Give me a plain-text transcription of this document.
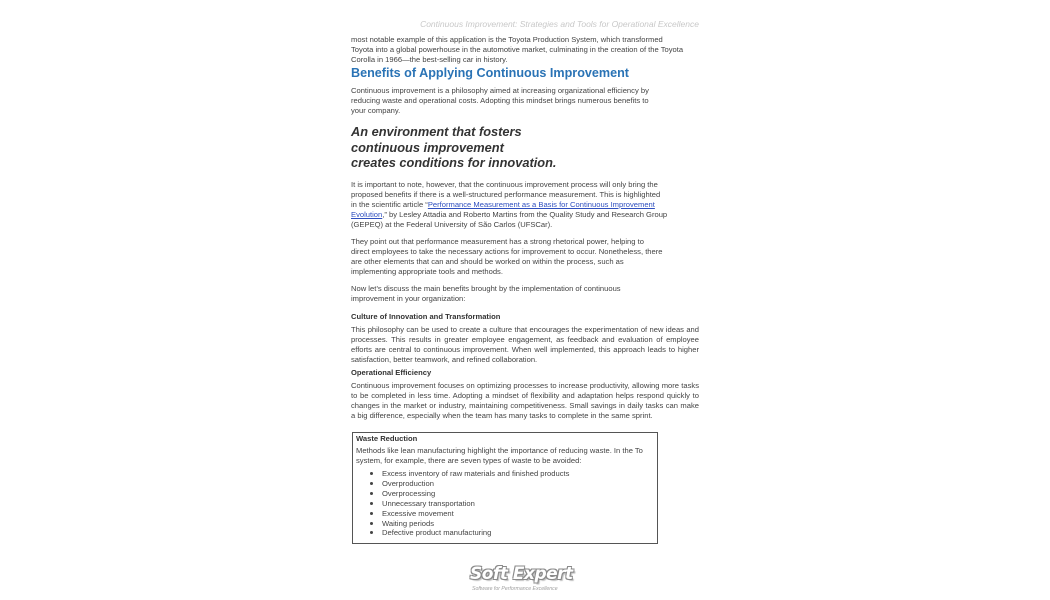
Continuous Improvement: Strategies and Tools for Operational Excellence

most notable example of this application is the Toyota Production System, which transformed

Toyota into a global powerhouse in the automotive market, culminating in the creation of the Toyota

Corolla in 1966—the best-selling car in history.

Benefits of Applying Continuous Improvement

Continuous improvement is a philosophy aimed at increasing organizational efficiency by

reducing waste and operational costs. Adopting this mindset brings numerous benefits to

your company.

An environment that fosters
continuous improvement
creates conditions for innovation.

It is important to note, however, that the continuous improvement process will only bring the

proposed benefits if there is a well-structured performance measurement. This is highlighted

in the scientific article “Performance Measurement as a Basis for Continuous Improvement

Evolution,” by Lesley Attadia and Roberto Martins from the Quality Study and Research Group

(GEPEQ) at the Federal University of São Carlos (UFSCar).

They point out that performance measurement has a strong rhetorical power, helping to

direct employees to take the necessary actions for improvement to occur. Nonetheless, there

are other elements that can and should be worked on within the process, such as

implementing appropriate tools and methods.

Now let’s discuss the main benefits brought by the implementation of continuous

improvement in your organization:

Culture of Innovation and Transformation

This philosophy can be used to create a culture that encourages the experimentation of new ideas and processes. This results in greater employee engagement, as feedback and evaluation of employee efforts are central to continuous improvement. When well implemented, this approach leads to higher satisfaction, better teamwork, and refined collaboration.

Operational Efficiency

Continuous improvement focuses on optimizing processes to increase productivity, allowing more tasks to be completed in less time. Adopting a mindset of flexibility and adaptation helps respond quickly to changes in the market or industry, maintaining competitiveness. Small savings in daily tasks can make a big difference, especially when the team has many tasks to complete in the same sprint.

Waste Reduction
Methods like lean manufacturing highlight the importance of reducing waste. In the To
system, for example, there are seven types of waste to be avoided:
Excess inventory of raw materials and finished products
Overproduction
Overprocessing
Unnecessary transportation
Excessive movement
Waiting periods
Defective product manufacturing
Soft Expert
Software for Performance Excellence
